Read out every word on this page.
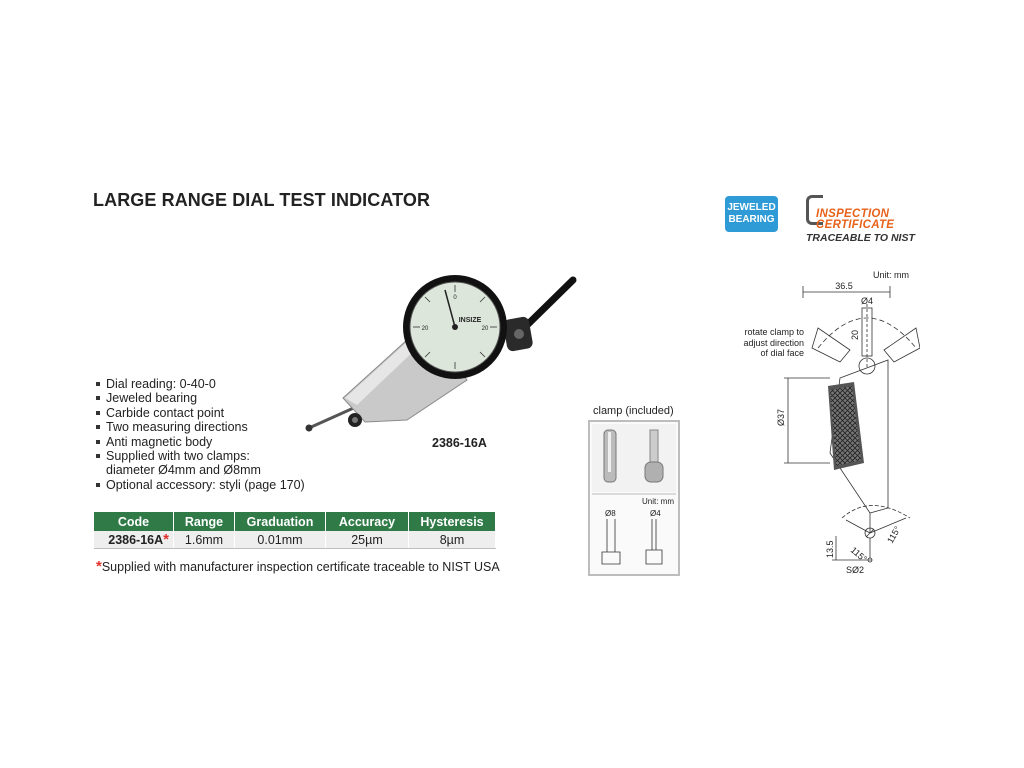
LARGE RANGE DIAL TEST INDICATOR	JEWELED
BEARING	INSPECTION
CERTIFICATE
TRACEABLE TO NIST
0
20
20
INSIZE
Dial reading: 0-40-0
Jeweled bearing
Carbide contact point
Two measuring directions
Anti magnetic body
Supplied with two clamps:
diameter Ø4mm and Ø8mm
Optional accessory: styli (page 170)
2386-16A
Code	Range	Graduation	Accuracy	Hysteresis
2386-16A*	1.6mm	0.01mm	25µm	8µm
*Supplied with manufacturer inspection certificate traceable to NIST USA
clamp (included)
Unit: mm
Ø8	Ø4
Unit: mm
rotate clamp to
adjust direction
of dial face
36.5
Ø4
20
Ø37
13.5 115°
115°
SØ2
